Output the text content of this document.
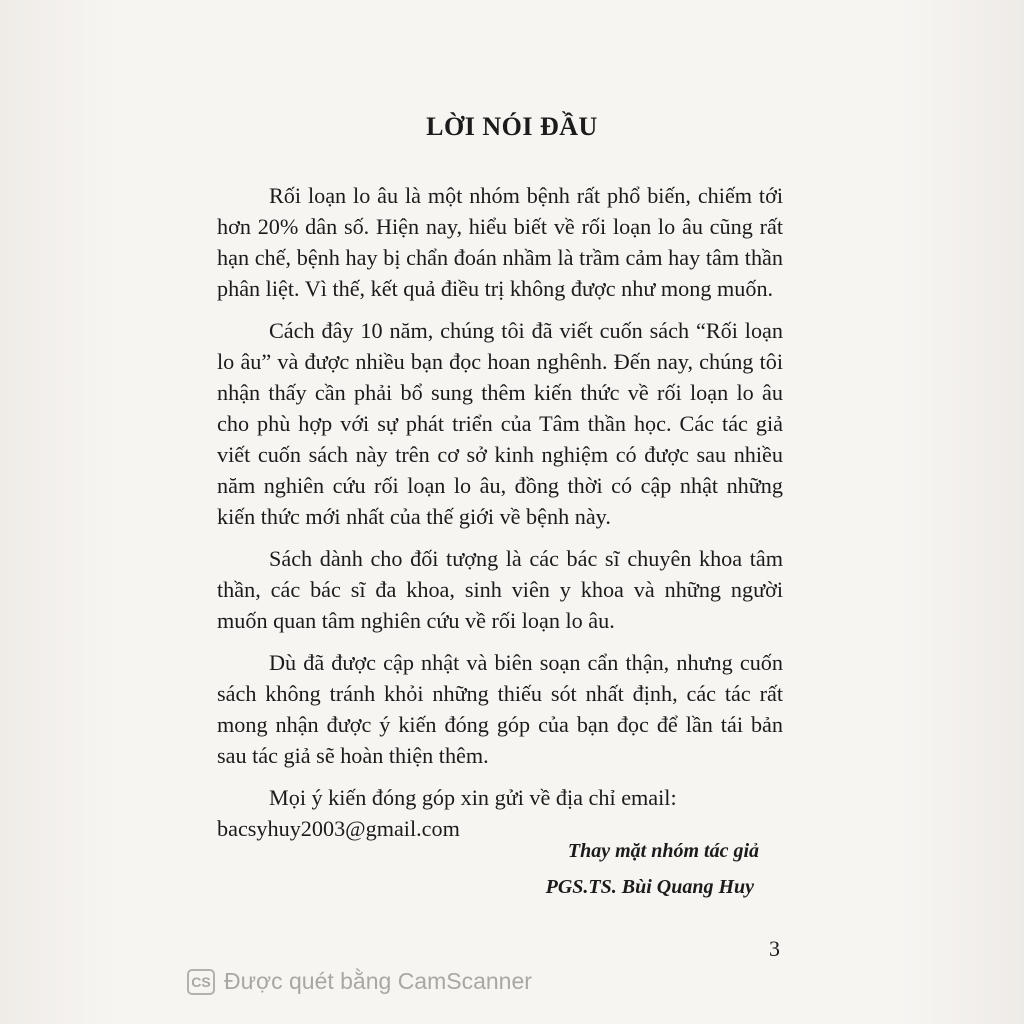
LỜI NÓI ĐẦU

Rối loạn lo âu là một nhóm bệnh rất phổ biến, chiếm tới hơn 20% dân số. Hiện nay, hiểu biết về rối loạn lo âu cũng rất hạn chế, bệnh hay bị chẩn đoán nhầm là trầm cảm hay tâm thần phân liệt. Vì thế, kết quả điều trị không được như mong muốn.

Cách đây 10 năm, chúng tôi đã viết cuốn sách “Rối loạn lo âu” và được nhiều bạn đọc hoan nghênh. Đến nay, chúng tôi nhận thấy cần phải bổ sung thêm kiến thức về rối loạn lo âu cho phù hợp với sự phát triển của Tâm thần học. Các tác giả viết cuốn sách này trên cơ sở kinh nghiệm có được sau nhiều năm nghiên cứu rối loạn lo âu, đồng thời có cập nhật những kiến thức mới nhất của thế giới về bệnh này.

Sách dành cho đối tượng là các bác sĩ chuyên khoa tâm thần, các bác sĩ đa khoa, sinh viên y khoa và những người muốn quan tâm nghiên cứu về rối loạn lo âu.

Dù đã được cập nhật và biên soạn cẩn thận, nhưng cuốn sách không tránh khỏi những thiếu sót nhất định, các tác rất mong nhận được ý kiến đóng góp của bạn đọc để lần tái bản sau tác giả sẽ hoàn thiện thêm.

Mọi ý kiến đóng góp xin gửi về địa chỉ email:
bacsyhuy2003@gmail.com

Thay mặt nhóm tác giả
PGS.TS. Bùi Quang Huy
3
CS Được quét bằng CamScanner
